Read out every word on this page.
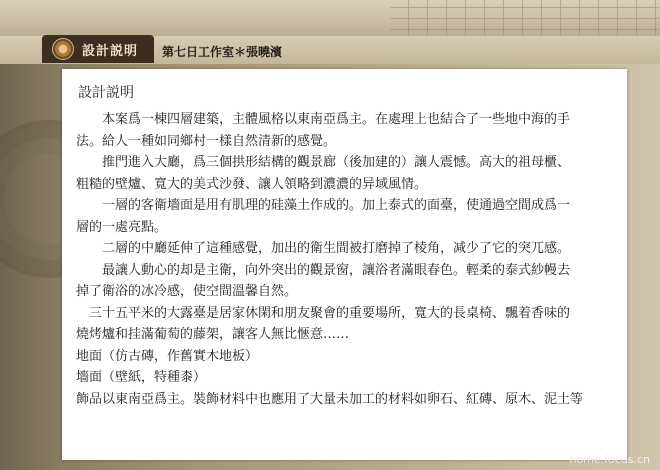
設計説明 第七日工作室＊張曉濱
設計説明

　　本案爲一棟四層建築，主體風格以東南亞爲主。在處理上也結合了一些地中海的手

法。給人一種如同鄉村一樣自然清新的感覺。

　　推門進入大廳，爲三個拱形結構的觀景廊（後加建的）讓人震憾。高大的祖母櫃、

粗糙的壁爐、寬大的美式沙發、讓人領略到濃濃的异域風情。

　　一層的客衛墻面是用有肌理的硅藻土作成的。加上泰式的面臺，使通過空間成爲一

層的一處亮點。

　　二層的中廳延伸了這種感覺，加出的衛生間被打磨掉了棱角，减少了它的突兀感。

　　最讓人動心的却是主衛，向外突出的觀景窗，讓浴者滿眼春色。輕柔的泰式紗幔去

掉了衛浴的冰冷感，使空間溫馨自然。

　三十五平米的大露臺是居家休閑和朋友聚會的重要場所，寬大的長桌椅、飄着香味的

燒烤爐和挂滿葡萄的藤架，讓客人無比愜意……

地面（仿古磚，作舊實木地板）

墻面（壁紙，特種桼）

飾品以東南亞爲主。裝飾材料中也應用了大量未加工的材料如卵石、紅磚、原木、泥土等

home.focus.cn
